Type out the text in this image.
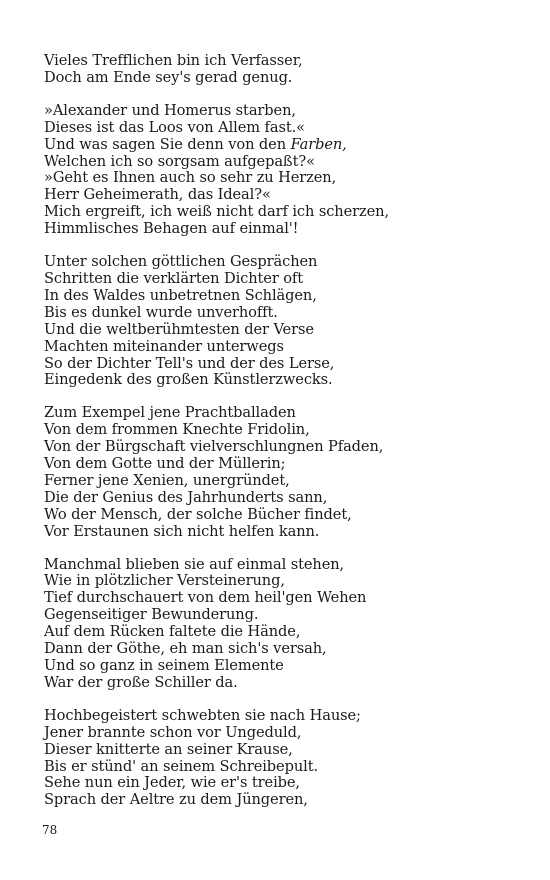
Vieles Trefflichen bin ich Verfasser,
Doch am Ende sey's gerad genug.
»Alexander und Homerus starben,
Dieses ist das Loos von Allem fast.«
Und was sagen Sie denn von den Farben,
Welchen ich so sorgsam aufgepaßt?«
»Geht es Ihnen auch so sehr zu Herzen,
Herr Geheimerath, das Ideal?«
Mich ergreift, ich weiß nicht darf ich scherzen,
Himmlisches Behagen auf einmal'!
Unter solchen göttlichen Gesprächen
Schritten die verklärten Dichter oft
In des Waldes unbetretnen Schlägen,
Bis es dunkel wurde unverhofft.
Und die weltberühmtesten der Verse
Machten miteinander unterwegs
So der Dichter Tell's und der des Lerse,
Eingedenk des großen Künstlerzwecks.
Zum Exempel jene Prachtballaden
Von dem frommen Knechte Fridolin,
Von der Bürgschaft vielverschlungnen Pfaden,
Von dem Gotte und der Müllerin;
Ferner jene Xenien, unergründet,
Die der Genius des Jahrhunderts sann,
Wo der Mensch, der solche Bücher findet,
Vor Erstaunen sich nicht helfen kann.
Manchmal blieben sie auf einmal stehen,
Wie in plötzlicher Versteinerung,
Tief durchschauert von dem heil'gen Wehen
Gegenseitiger Bewunderung.
Auf dem Rücken faltete die Hände,
Dann der Göthe, eh man sich's versah,
Und so ganz in seinem Elemente
War der große Schiller da.
Hochbegeistert schwebten sie nach Hause;
Jener brannte schon vor Ungeduld,
Dieser knitterte an seiner Krause,
Bis er stünd' an seinem Schreibepult.
Sehe nun ein Jeder, wie er's treibe,
Sprach der Aeltre zu dem Jüngeren,
78
